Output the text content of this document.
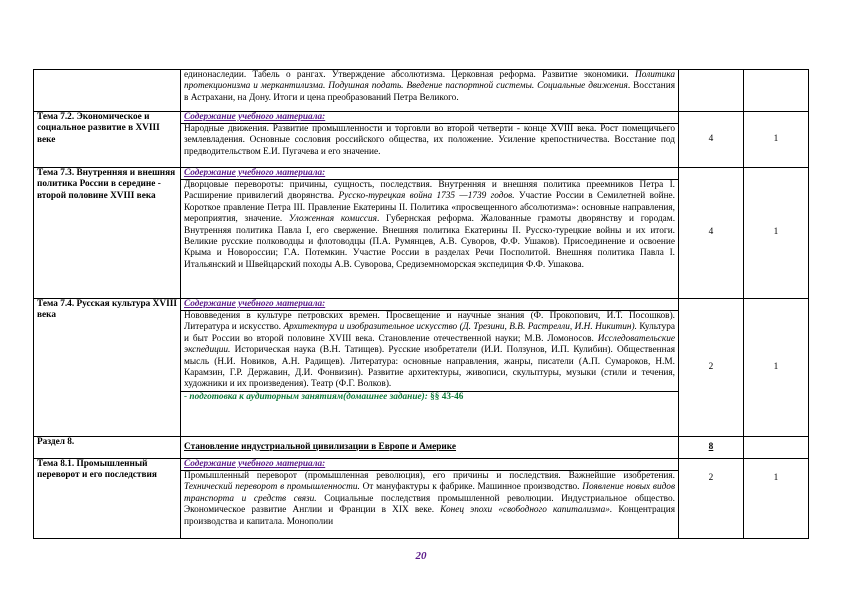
	единонаследии. Табель о рангах. Утверждение абсолютизма. Церковная реформа. Развитие экономики. Политика протекционизма и меркантилизма. Подушная подать. Введение паспортной системы. Социальные движения. Восстания в Астрахани, на Дону. Итоги и цена преобразований Петра Великого.		
Тема 7.2. Экономическое и социальное развитие в XVIII веке	Содержание учебного материала:
Народные движения. Развитие промышленности и торговли во второй четверти - конце XVIII века. Рост помещичьего землевладения. Основные сословия российского общества, их положение. Усиление крепостничества. Восстание под предводительством Е.И. Пугачева и его значение.	4	1
Тема 7.3. Внутренняя и внешняя политика России в середине - второй половине XVIII века	Содержание учебного материала:
Дворцовые перевороты: причины, сущность, последствия. Внутренняя и внешняя политика преемников Петра I. Расширение привилегий дворянства. Русско-турецкая война 1735 —1739 годов. Участие России в Семилетней войне. Короткое правление Петра III. Правление Екатерины II. Политика «просвещенного абсолютизма»: основные направления, мероприятия, значение. Уложенная комиссия. Губернская реформа. Жалованные грамоты дворянству и городам. Внутренняя политика Павла I, его свержение. Внешняя политика Екатерины II. Русско-турецкие войны и их итоги. Великие русские полководцы и флотоводцы (П.А. Румянцев, А.В. Суворов, Ф.Ф. Ушаков). Присоединение и освоение Крыма и Новороссии; Г.А. Потемкин. Участие России в разделах Речи Посполитой. Внешняя политика Павла I. Итальянский и Швейцарский походы А.В. Суворова, Средиземноморская экспедиция Ф.Ф. Ушакова.	4	1
Тема 7.4. Русская культура XVIII века	Содержание учебного материала:
Нововведения в культуре петровских времен. Просвещение и научные знания (Ф. Прокопович, И.Т. Посошков). Литература и искусство. Архитектура и изобразительное искусство (Д. Трезини, В.В. Растрелли, И.Н. Никитин). Культура и быт России во второй половине XVIII века. Становление отечественной науки; М.В. Ломоносов. Исследовательские экспедиции. Историческая наука (В.Н. Татищев). Русские изобретатели (И.И. Ползунов, И.П. Кулибин). Общественная мысль (Н.И. Новиков, А.Н. Радищев). Литература: основные направления, жанры, писатели (А.П. Сумароков, Н.М. Карамзин, Г.Р. Державин, Д.И. Фонвизин). Развитие архитектуры, живописи, скульптуры, музыки (стили и течения, художники и их произведения). Театр (Ф.Г. Волков).
- подготовка к аудиторным занятиям(домашнее задание): §§ 43-46	2	1
Раздел 8.	Становление индустриальной цивилизации в Европе и Америке	8	
Тема 8.1. Промышленный переворот и его последствия	Содержание учебного материала:
Промышленный переворот (промышленная революция), его причины и последствия. Важнейшие изобретения. Технический переворот в промышленности. От мануфактуры к фабрике. Машинное производство. Появление новых видов транспорта и средств связи. Социальные последствия промышленной революции. Индустриальное общество. Экономическое развитие Англии и Франции в XIX веке. Конец эпохи «свободного капитализма». Концентрация производства и капитала. Монополии	2	1
20
